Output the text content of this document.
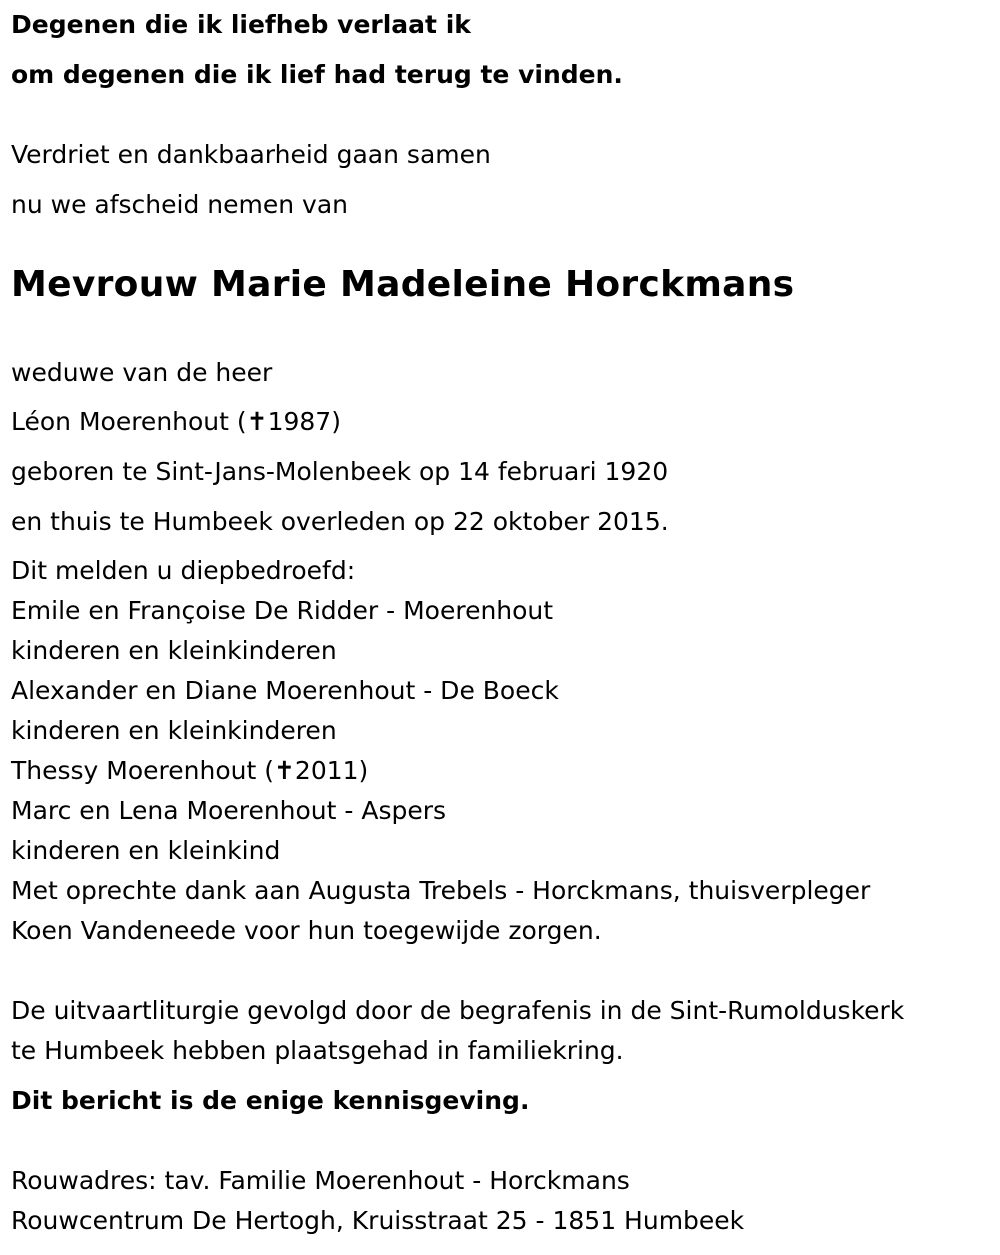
Degenen die ik liefheb verlaat ik
om degenen die ik lief had terug te vinden.
Verdriet en dankbaarheid gaan samen
nu we afscheid nemen van
Mevrouw Marie Madeleine Horckmans
weduwe van de heer
Léon Moerenhout (✝1987)
geboren te Sint-Jans-Molenbeek op 14 februari 1920
en thuis te Humbeek overleden op 22 oktober 2015.
Dit melden u diepbedroefd:
Emile en Françoise De Ridder - Moerenhout
kinderen en kleinkinderen
Alexander en Diane Moerenhout - De Boeck
kinderen en kleinkinderen
Thessy Moerenhout (✝2011)
Marc en Lena Moerenhout - Aspers
kinderen en kleinkind
Met oprechte dank aan Augusta Trebels - Horckmans, thuisverpleger
Koen Vandeneede voor hun toegewijde zorgen.
De uitvaartliturgie gevolgd door de begrafenis in de Sint-Rumolduskerk
te Humbeek hebben plaatsgehad in familiekring.
Dit bericht is de enige kennisgeving.
Rouwadres: tav. Familie Moerenhout - Horckmans
Rouwcentrum De Hertogh, Kruisstraat 25 - 1851 Humbeek
